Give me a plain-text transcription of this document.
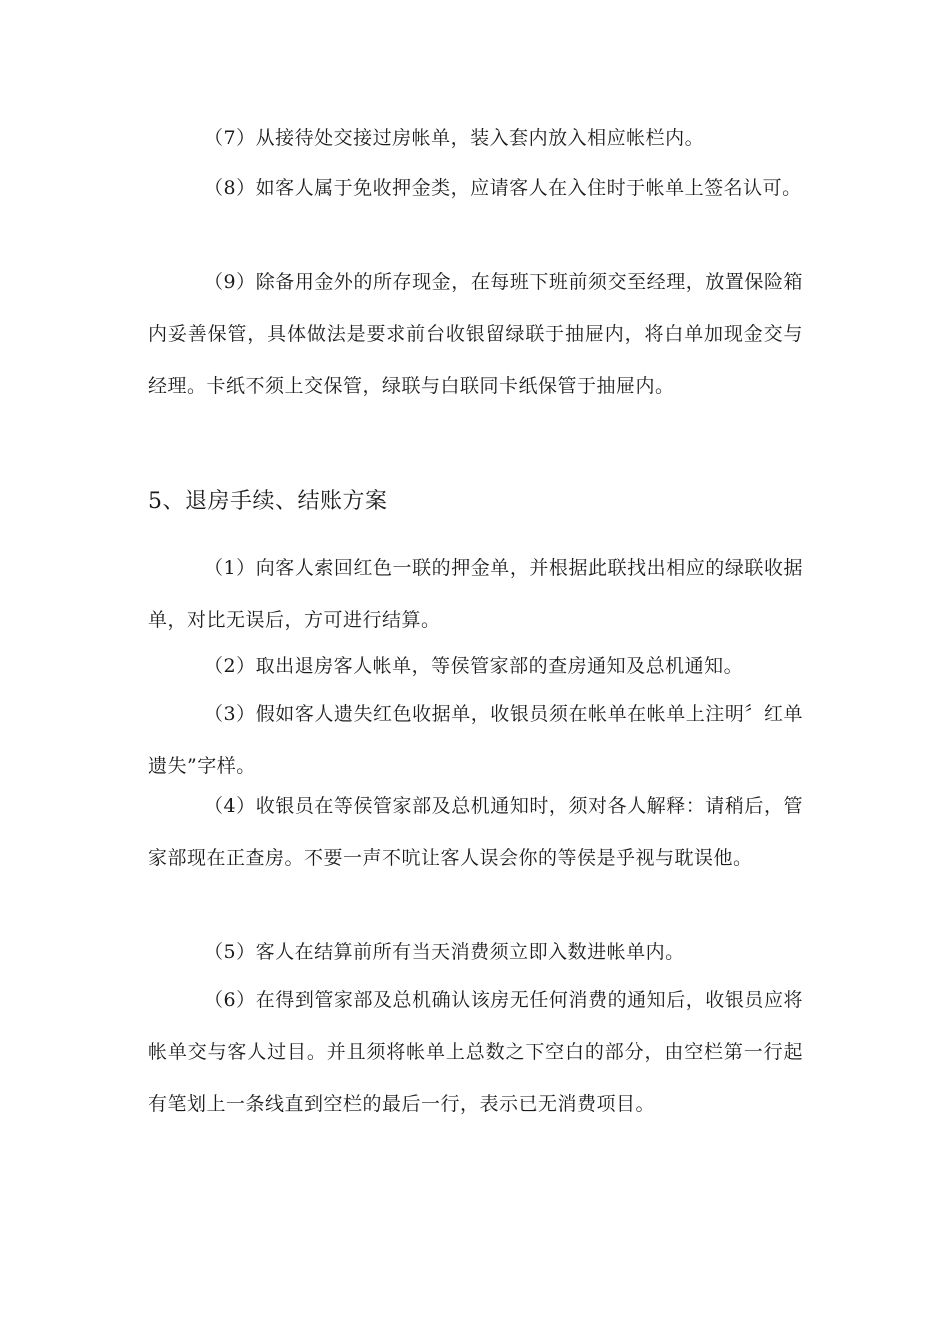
（7）从接待处交接过房帐单，装入套内放入相应帐栏内。

（8）如客人属于免收押金类，应请客人在入住时于帐单上签名认可。

（9）除备用金外的所存现金，在每班下班前须交至经理，放置保险箱内妥善保管，具体做法是要求前台收银留绿联于抽屉内，将白单加现金交与经理。卡纸不须上交保管，绿联与白联同卡纸保管于抽屉内。

5、退房手续、结账方案

（1）向客人索回红色一联的押金单，并根据此联找出相应的绿联收据单，对比无误后，方可进行结算。

（2）取出退房客人帐单，等侯管家部的查房通知及总机通知。

（3）假如客人遗失红色收据单，收银员须在帐单在帐单上注明〞红单遗失”字样。

（4）收银员在等侯管家部及总机通知时，须对各人解释：请稍后，管家部现在正查房。不要一声不吭让客人误会你的等侯是乎视与耽误他。

（5）客人在结算前所有当天消费须立即入数进帐单内。

（6）在得到管家部及总机确认该房无任何消费的通知后，收银员应将帐单交与客人过目。并且须将帐单上总数之下空白的部分，由空栏第一行起有笔划上一条线直到空栏的最后一行，表示已无消费项目。
